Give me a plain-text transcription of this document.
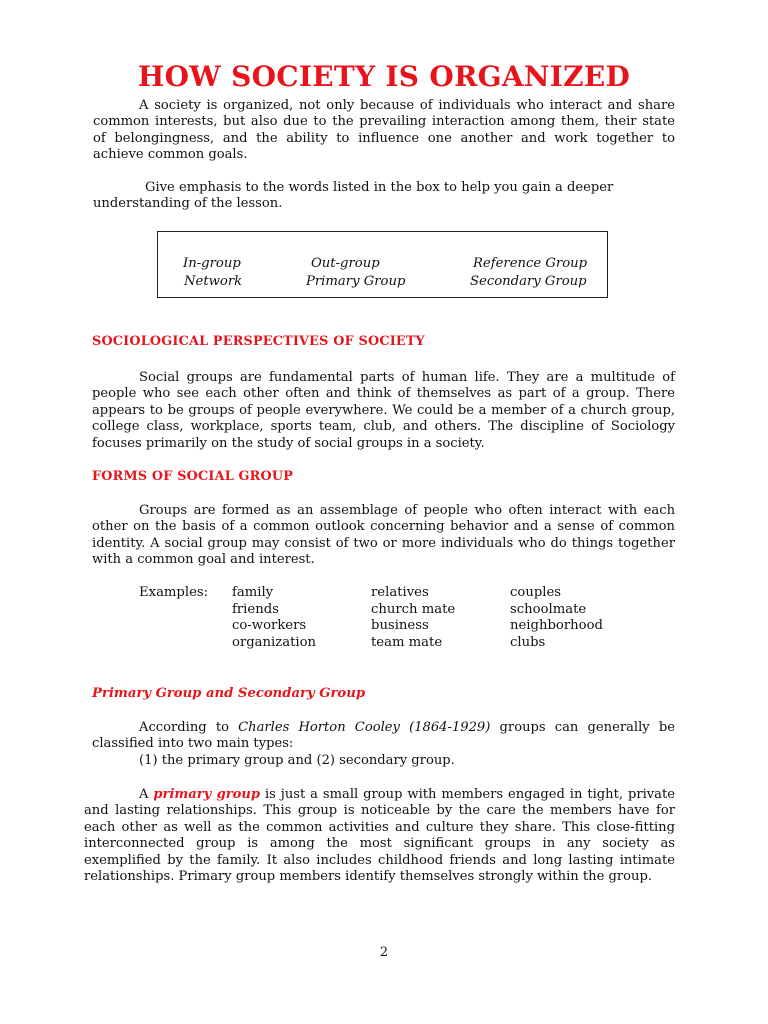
HOW SOCIETY IS ORGANIZED
A society is organized, not only because of individuals who interact and share
common interests, but also due to the prevailing interaction among them, their state
of belongingness, and the ability to influence one another and work together to
achieve common goals.
Give emphasis to the words listed in the box to help you gain a deeper
understanding of the lesson.
In-group	Out-group	Reference Group
Network	Primary Group	Secondary Group
SOCIOLOGICAL PERSPECTIVES OF SOCIETY
Social groups are fundamental parts of human life. They are a multitude of
people who see each other often and think of themselves as part of a group. There
appears to be groups of people everywhere. We could be a member of a church group,
college class, workplace, sports team, club, and others. The discipline of Sociology
focuses primarily on the study of social groups in a society.
FORMS OF SOCIAL GROUP
Groups are formed as an assemblage of people who often interact with each
other on the basis of a common outlook concerning behavior and a sense of common
identity. A social group may consist of two or more individuals who do things together
with a common goal and interest.
Examples: family	relatives	couples
friends	church mate	schoolmate
co-workers	business	neighborhood
organization	team mate	clubs
Primary Group and Secondary Group
According to Charles Horton Cooley (1864-1929) groups can generally be
classified into two main types:
(1) the primary group and (2) secondary group.
A primary group is just a small group with members engaged in tight, private
and lasting relationships. This group is noticeable by the care the members have for
each other as well as the common activities and culture they share. This close-fitting
interconnected group is among the most significant groups in any society as
exemplified by the family. It also includes childhood friends and long lasting intimate
relationships. Primary group members identify themselves strongly within the group.
2
